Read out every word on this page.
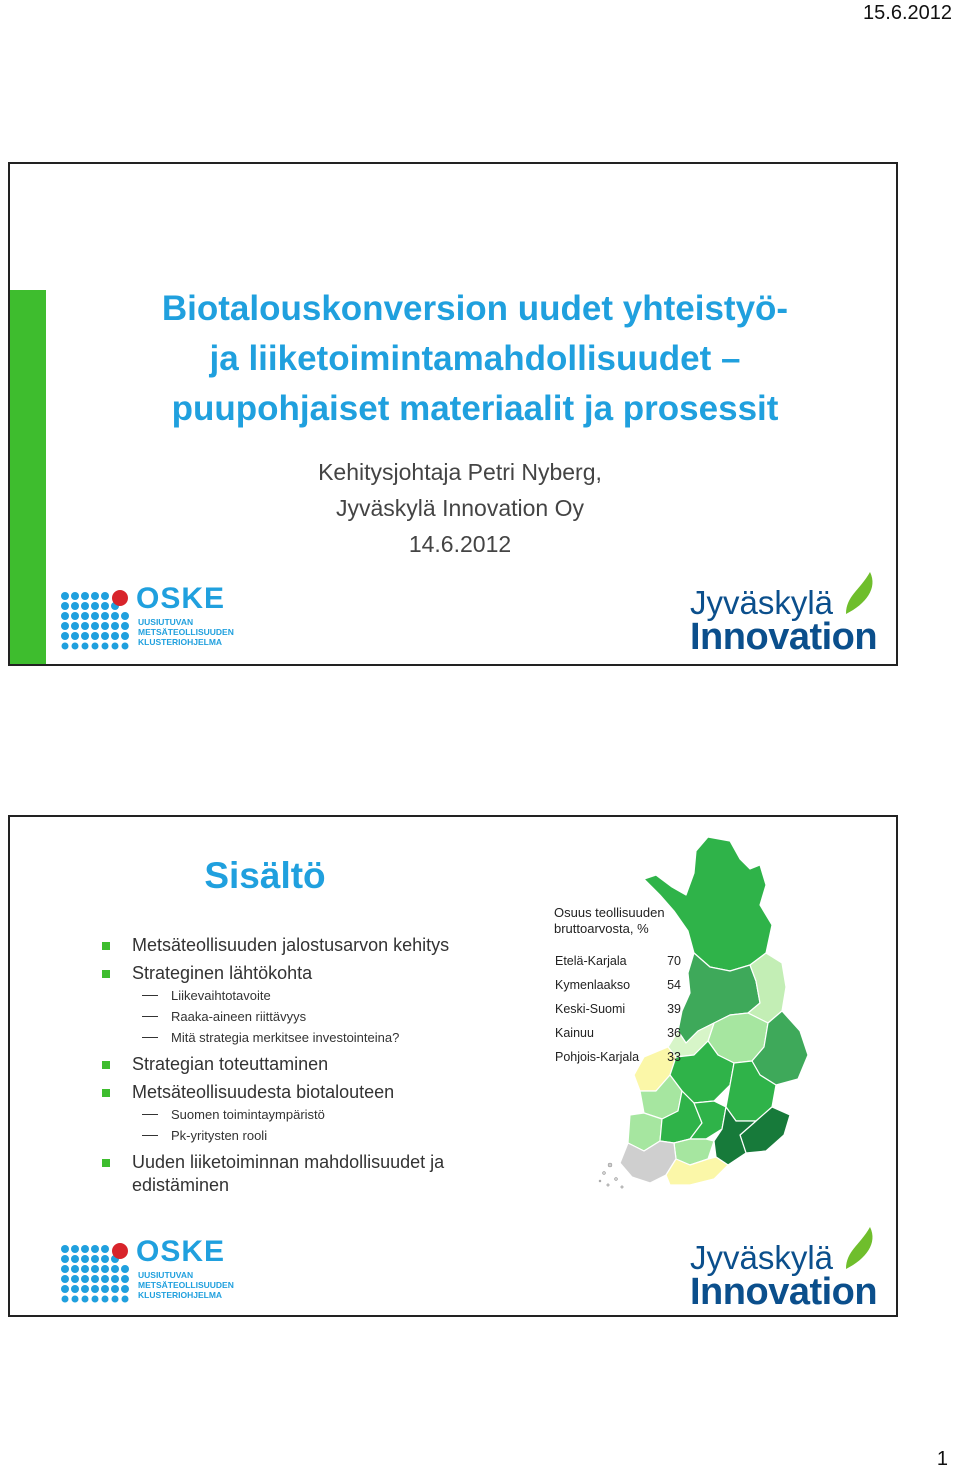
15.6.2012
Biotalouskonversion uudet yhteistyö-
ja liiketoimintamahdollisuudet –
puupohjaiset materiaalit ja prosessit
Kehitysjohtaja Petri Nyberg,
Jyväskylä Innovation Oy
14.6.2012
OSKE
UUSIUTUVAN
METSÄTEOLLISUUDEN
KLUSTERIOHJELMA
Jyväskylä
Innovation
Sisältö
Metsäteollisuuden jalostusarvon kehitys
Strateginen lähtökohta
Liikevaihtotavoite
Raaka-aineen riittävyys
Mitä strategia merkitsee investointeina?
Strategian toteuttaminen
Metsäteollisuudesta biotalouteen
Suomen toimintaympäristö
Pk-yritysten rooli
Uuden liiketoiminnan mahdollisuudet ja edistäminen
Osuus teollisuuden bruttoarvosta, %
Etelä-Karjala	70
Kymenlaakso	54
Keski-Suomi	39
Kainuu	36
Pohjois-Karjala	33
OSKE
UUSIUTUVAN
METSÄTEOLLISUUDEN
KLUSTERIOHJELMA
Jyväskylä
Innovation
1
